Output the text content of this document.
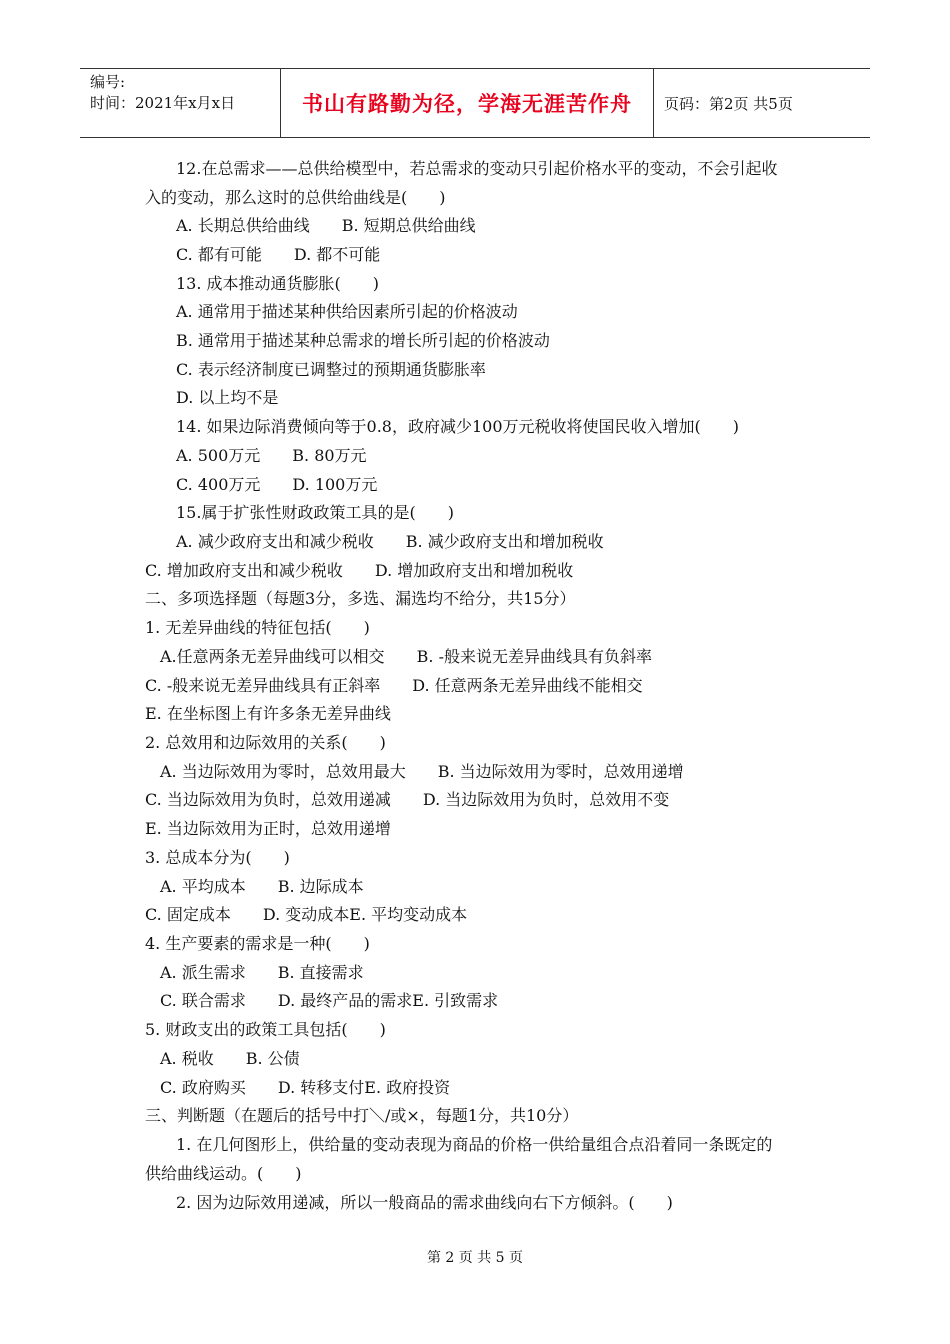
编号:
时间：2021年x月x日	书山有路勤为径，学海无涯苦作舟	页码：第2页 共5页
12.在总需求——总供给模型中，若总需求的变动只引起价格水平的变动，不会引起收
入的变动，那么这时的总供给曲线是(　　)
A. 长期总供给曲线　　B. 短期总供给曲线
C. 都有可能　　D. 都不可能
13. 成本推动通货膨胀(　　)
A. 通常用于描述某种供给因素所引起的价格波动
B. 通常用于描述某种总需求的增长所引起的价格波动
C. 表示经济制度已调整过的预期通货膨胀率
D. 以上均不是
14. 如果边际消费倾向等于0.8，政府减少100万元税收将使国民收入增加(　　)
A. 500万元　　B. 80万元
C. 400万元　　D. 100万元
15.属于扩张性财政政策工具的是(　　)
A. 减少政府支出和减少税收　　B. 减少政府支出和增加税收
C. 增加政府支出和减少税收　　D. 增加政府支出和增加税收
二、多项选择题（每题3分，多选、漏选均不给分，共15分）
1. 无差异曲线的特征包括(　　)
A.任意两条无差异曲线可以相交　　B. -般来说无差异曲线具有负斜率
C. -般来说无差异曲线具有正斜率　　D. 任意两条无差异曲线不能相交
E. 在坐标图上有许多条无差异曲线
2. 总效用和边际效用的关系(　　)
A. 当边际效用为零时，总效用最大　　B. 当边际效用为零时，总效用递增
C. 当边际效用为负时，总效用递减　　D. 当边际效用为负时，总效用不变
E. 当边际效用为正时，总效用递增
3. 总成本分为(　　)
A. 平均成本　　B. 边际成本
C. 固定成本　　D. 变动成本E. 平均变动成本
4. 生产要素的需求是一种(　　)
A. 派生需求　　B. 直接需求
C. 联合需求　　D. 最终产品的需求E. 引致需求
5. 财政支出的政策工具包括(　　)
A. 税收　　B. 公债
C. 政府购买　　D. 转移支付E. 政府投资
三、判断题（在题后的括号中打＼/或×，每题1分，共10分）
1. 在几何图形上，供给量的变动表现为商品的价格一供给量组合点沿着同一条既定的
供给曲线运动。(　　)
2. 因为边际效用递减，所以一般商品的需求曲线向右下方倾斜。(　　)
第 2 页 共 5 页
